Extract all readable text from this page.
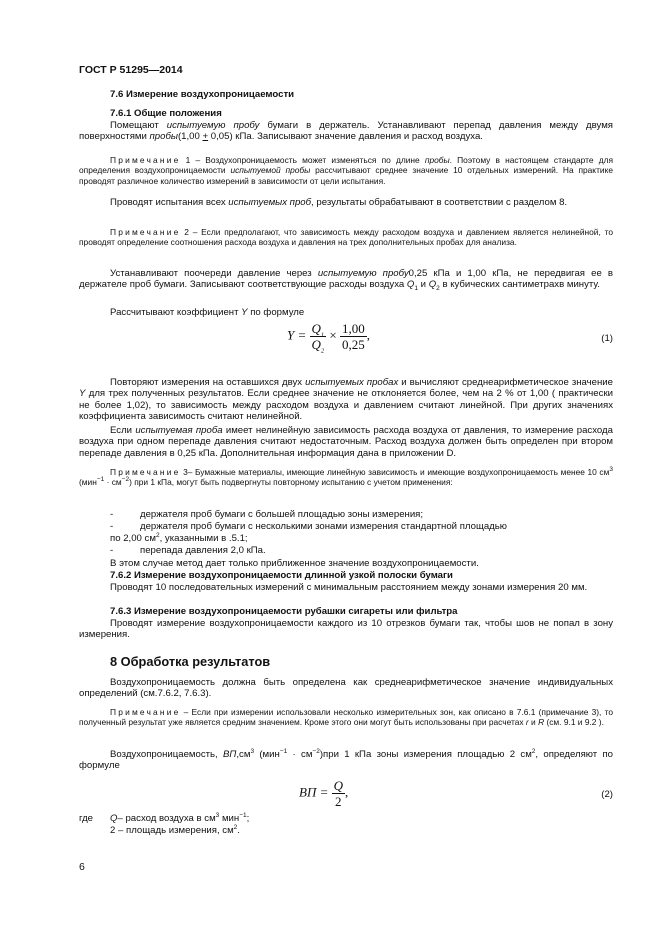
ГОСТ Р 51295—2014

7.6 Измерение воздухопроницаемости

7.6.1 Общие положения

Помещают испытуемую пробу бумаги в держатель. Устанавливают перепад давления между двумя поверхностями пробы(1,00 + 0,05) кПа. Записывают значение давления и расход воздуха.

Примечание 1 – Воздухопроницаемость может изменяться по длине пробы. Поэтому в настоящем стандарте для определения воздухопроницаемости испытуемой пробы рассчитывают среднее значение 10 отдельных измерений. На практике проводят различное количество измерений в зависимости от цели испытания.

Проводят испытания всех испытуемых проб, результаты обрабатывают в соответствии с разделом 8.

Примечание 2 – Если предполагают, что зависимость между расходом воздуха и давлением является нелинейной, то проводят определение соотношения расхода воздуха и давления на трех дополнительных пробах для анализа.

Устанавливают поочереди давление через испытуемую пробу0,25 кПа и 1,00 кПа, не передвигая ее в держателе проб бумаги. Записывают соответствующие расходы воздуха $Q_1$ и $Q_2$ в кубических сантиметрахв минуту.

Рассчитывают коэффициент Y по формуле

$Y = \frac{Q_1}{Q_2} \times \frac{1,00}{0,25}$ ,	(1)

Повторяют измерения на оставшихся двух испытуемых пробах и вычисляют среднеарифметическое значение Y для трех полученных результатов. Если среднее значение не отклоняется более, чем на 2 % от 1,00 ( практически не более 1,02), то зависимость между расходом воздуха и давлением считают линейной. При других значениях коэффициента зависимость считают нелинейной.

Если испытуемая проба имеет нелинейную зависимость расхода воздуха от давления, то измерение расхода воздуха при одном перепаде давления считают недостаточным. Расход воздуха должен быть определен при втором перепаде давления в 0,25 кПа. Дополнительная информация дана в приложении D.

Примечание 3– Бумажные материалы, имеющие линейную зависимость и имеющие воздухопроницаемость менее 10 $см^3$ $(мин^{-1} \cdot см^{-2})$ при 1 кПа, могут быть подвергнуты повторному испытанию с учетом применения:

-	держателя проб бумаги с большей площадью зоны измерения;

-	держателя проб бумаги с несколькими зонами измерения стандартной площадью

по 2,00 $см^2$, указанными в .5.1;

-	перепада давления 2,0 кПа.

В этом случае метод дает только приближенное значение воздухопроницаемости.

7.6.2 Измерение воздухопроницаемости длинной узкой полоски бумаги

Проводят 10 последовательных измерений с минимальным расстоянием между зонами измерения 20 мм.

7.6.3 Измерение воздухопроницаемости рубашки сигареты или фильтра

Проводят измерение воздухопроницаемости каждого из 10 отрезков бумаги так, чтобы шов не попал в зону измерения.

8 Обработка результатов

Воздухопроницаемость должна быть определена как среднеарифметическое значение индивидуальных определений (см.7.6.2, 7.6.3).

Примечание – Если при измерении использовали несколько измерительных зон, как описано в 7.6.1 (примечание 3), то полученный результат уже является средним значением. Кроме этого они могут быть использованы при расчетах r и R (см. 9.1 и 9.2 ).

Воздухопроницаемость, $ВП,см^3$ $(мин^{-1} \cdot см^{-2})при$ 1 кПа зоны измерения площадью 2 $см^2$, определяют по формуле

ВП = $\frac{Q}{2}$ ,	(2)

где Q– расход воздуха в $см^3$ мин$^{-1}$;

2 – площадь измерения, $см^2$.

6
